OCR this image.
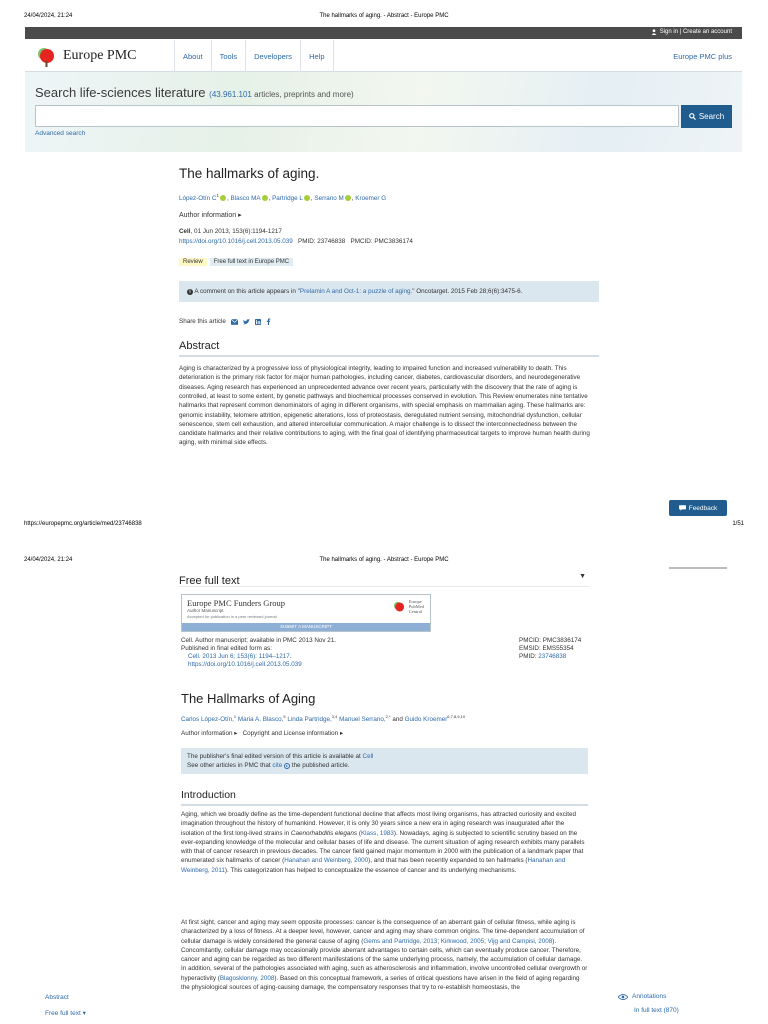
24/04/2024, 21:24	The hallmarks of aging. - Abstract - Europe PMC
Sign in | Create an account
Europe PMC	About	Tools	Developers	Help	Europe PMC plus
Search life-sciences literature (43.961.101 articles, preprints and more)
Search
Advanced search
The hallmarks of aging.
López-Otín $C^1$ , Blasco MA , Partridge L , Serrano M , Kroemer G
Author information ▸
Cell, 01 Jun 2013, 153(6):1194-1217
https://doi.org/10.1016/j.cell.2013.05.039 PMID: 23746838 PMCID: PMC3836174
Review Free full text in Europe PMC
i A comment on this article appears in "Prelamin A and Oct-1: a puzzle of aging." Oncotarget. 2015 Feb 28;6(6):3475-6.
Share this article
Abstract
Aging is characterized by a progressive loss of physiological integrity, leading to impaired function and increased vulnerability to death. This deterioration is the primary risk factor for major human pathologies, including cancer, diabetes, cardiovascular disorders, and neurodegenerative diseases. Aging research has experienced an unprecedented advance over recent years, particularly with the discovery that the rate of aging is controlled, at least to some extent, by genetic pathways and biochemical processes conserved in evolution. This Review enumerates nine tentative hallmarks that represent common denominators of aging in different organisms, with special emphasis on mammalian aging. These hallmarks are: genomic instability, telomere attrition, epigenetic alterations, loss of proteostasis, deregulated nutrient sensing, mitochondrial dysfunction, cellular senescence, stem cell exhaustion, and altered intercellular communication. A major challenge is to dissect the interconnectedness between the candidate hallmarks and their relative contributions to aging, with the final goal of identifying pharmaceutical targets to improve human health during aging, with minimal side effects.
Feedback
https://europepmc.org/article/med/23746838	1/51
24/04/2024, 21:24	The hallmarks of aging. - Abstract - Europe PMC
Free full text	▼
Europe PMC Funders Group
Author Manuscript
Accepted for publication in a peer reviewed journal
Europe
PubMed
Central
SUBMIT A MANUSCRIPT
Cell. Author manuscript; available in PMC 2013 Nov 21.
Published in final edited form as:
Cell. 2013 Jun 6; 153(6): 1194–1217.
https://doi.org/10.1016/j.cell.2013.05.039
PMCID: PMC3836174
EMSID: EMS55354
PMID: 23746838
The Hallmarks of Aging
Carlos López-Otín,$^1$ Maria A. Blasco,$^5$ Linda Partridge,$^{3,4}$ Manuel Serrano,$^{2,*}$ and Guido Kroemer$^{6,7,8,9,10}$
Author information ▸ Copyright and License information ▸
The publisher's final edited version of this article is available at Cell
See other articles in PMC that cite ▸ the published article.
Introduction
Aging, which we broadly define as the time-dependent functional decline that affects most living organisms, has attracted curiosity and excited imagination throughout the history of humankind. However, it is only 30 years since a new era in aging research was inaugurated after the isolation of the first long-lived strains in Caenorhabditis elegans (Klass, 1983). Nowadays, aging is subjected to scientific scrutiny based on the ever-expanding knowledge of the molecular and cellular bases of life and disease. The current situation of aging research exhibits many parallels with that of cancer research in previous decades. The cancer field gained major momentum in 2000 with the publication of a landmark paper that enumerated six hallmarks of cancer (Hanahan and Weinberg, 2000), and that has been recently expanded to ten hallmarks (Hanahan and Weinberg, 2011). This categorization has helped to conceptualize the essence of cancer and its underlying mechanisms.
At first sight, cancer and aging may seem opposite processes: cancer is the consequence of an aberrant gain of cellular fitness, while aging is characterized by a loss of fitness. At a deeper level, however, cancer and aging may share common origins. The time-dependent accumulation of cellular damage is widely considered the general cause of aging (Gems and Partridge, 2013; Kirkwood, 2005; Vijg and Campisi, 2008). Concomitantly, cellular damage may occasionally provide aberrant advantages to certain cells, which can eventually produce cancer. Therefore, cancer and aging can be regarded as two different manifestations of the same underlying process, namely, the accumulation of cellular damage. In addition, several of the pathologies associated with aging, such as atherosclerosis and inflammation, involve uncontrolled cellular overgrowth or hyperactivity (Blagosklonny, 2008). Based on this conceptual framework, a series of critical questions have arisen in the field of aging regarding the physiological sources of aging-causing damage, the compensatory responses that try to re-establish homeostasis, the
Abstract
Free full text ▾
Annotations
In full text (870)
